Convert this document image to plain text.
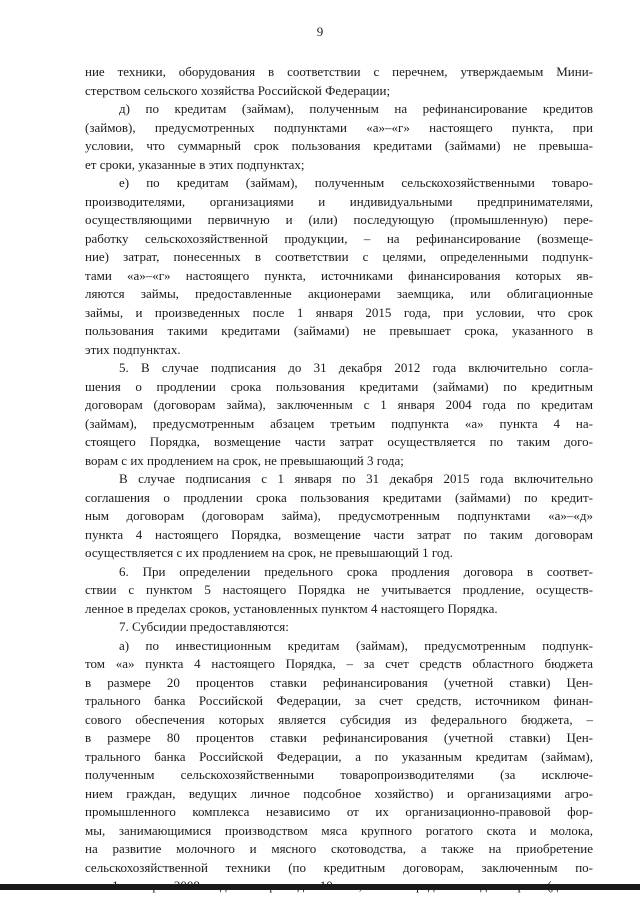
9
ние техники, оборудования в соответствии с перечнем, утверждаемым Мини-
стерством сельского хозяйства Российской Федерации;
д) по кредитам (займам), полученным на рефинансирование кредитов
(займов), предусмотренных подпунктами «а»–«г» настоящего пункта, при
условии, что суммарный срок пользования кредитами (займами) не превыша-
ет сроки, указанные в этих подпунктах;
е) по кредитам (займам), полученным сельскохозяйственными товаро-
производителями, организациями и индивидуальными предпринимателями,
осуществляющими первичную и (или) последующую (промышленную) пере-
работку сельскохозяйственной продукции, – на рефинансирование (возмеще-
ние) затрат, понесенных в соответствии с целями, определенными подпунк-
тами «а»–«г» настоящего пункта, источниками финансирования которых яв-
ляются займы, предоставленные акционерами заемщика, или облигационные
займы, и произведенных после 1 января 2015 года, при условии, что срок
пользования такими кредитами (займами) не превышает срока, указанного в
этих подпунктах.
5. В случае подписания до 31 декабря 2012 года включительно согла-
шения о продлении срока пользования кредитами (займами) по кредитным
договорам (договорам займа), заключенным с 1 января 2004 года по кредитам
(займам), предусмотренным абзацем третьим подпункта «а» пункта 4 на-
стоящего Порядка, возмещение части затрат осуществляется по таким дого-
ворам с их продлением на срок, не превышающий 3 года;
В случае подписания с 1 января по 31 декабря 2015 года включительно
соглашения о продлении срока пользования кредитами (займами) по кредит-
ным договорам (договорам займа), предусмотренным подпунктами «а»–«д»
пункта 4 настоящего Порядка, возмещение части затрат по таким договорам
осуществляется с их продлением на срок, не превышающий 1 год.
6. При определении предельного срока продления договора в соответ-
ствии с пунктом 5 настоящего Порядка не учитывается продление, осуществ-
ленное в пределах сроков, установленных пунктом 4 настоящего Порядка.
7. Субсидии предоставляются:
а) по инвестиционным кредитам (займам), предусмотренным подпунк-
том «а» пункта 4 настоящего Порядка, – за счет средств областного бюджета
в размере 20 процентов ставки рефинансирования (учетной ставки) Цен-
трального банка Российской Федерации, за счет средств, источником финан-
сового обеспечения которых является субсидия из федерального бюджета, –
в размере 80 процентов ставки рефинансирования (учетной ставки) Цен-
трального банка Российской Федерации, а по указанным кредитам (займам),
полученным сельскохозяйственными товаропроизводителями (за исключе-
нием граждан, ведущих личное подсобное хозяйство) и организациями агро-
промышленного комплекса независимо от их организационно-правовой фор-
мы, занимающимися производством мяса крупного рогатого скота и молока,
на развитие молочного и мясного скотоводства, а также на приобретение
сельскохозяйственной техники (по кредитным договорам, заключенным по-
